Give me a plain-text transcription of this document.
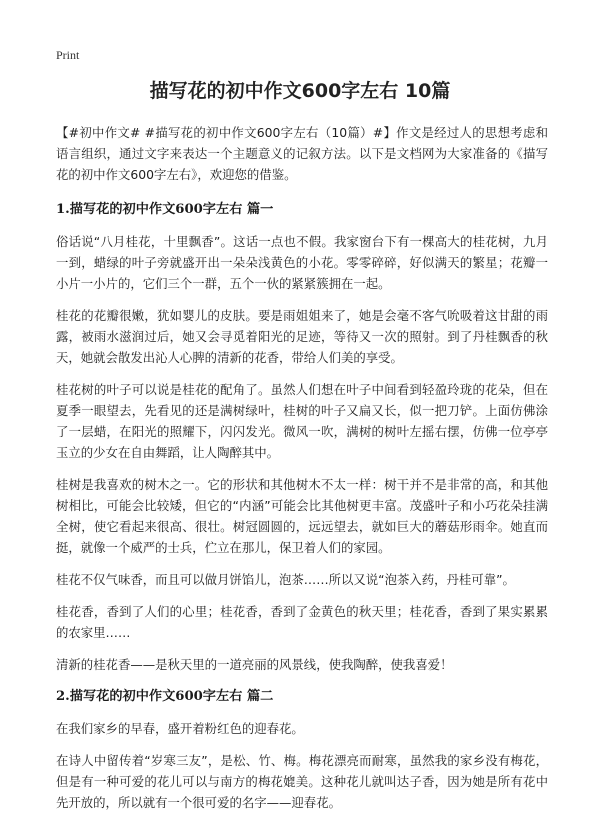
Print
描写花的初中作文600字左右 10篇

【#初中作文# #描写花的初中作文600字左右（10篇）#】作文是经过人的思想考虑和语言组织，通过文字来表达一个主题意义的记叙方法。以下是文档网为大家准备的《描写花的初中作文600字左右》，欢迎您的借鉴。

1.描写花的初中作文600字左右 篇一

俗话说“八月桂花，十里飘香”。这话一点也不假。我家窗台下有一棵高大的桂花树，九月一到，蜡绿的叶子旁就盛开出一朵朵浅黄色的小花。零零碎碎，好似满天的繁星；花瓣一小片一小片的，它们三个一群，五个一伙的紧紧簇拥在一起。

桂花的花瓣很嫩，犹如婴儿的皮肤。要是雨姐姐来了，她是会毫不客气吮吸着这甘甜的雨露，被雨水滋润过后，她又会寻觅着阳光的足迹，等待又一次的照射。到了丹桂飘香的秋天，她就会散发出沁人心脾的清新的花香，带给人们美的享受。

桂花树的叶子可以说是桂花的配角了。虽然人们想在叶子中间看到轻盈玲珑的花朵，但在夏季一眼望去，先看见的还是满树绿叶，桂树的叶子又扁又长，似一把刀铲。上面仿佛涂了一层蜡，在阳光的照耀下，闪闪发光。微风一吹，满树的树叶左摇右摆，仿佛一位亭亭玉立的少女在自由舞蹈，让人陶醉其中。

桂树是我喜欢的树木之一。它的形状和其他树木不太一样：树干并不是非常的高，和其他树相比，可能会比较矮，但它的“内涵”可能会比其他树更丰富。茂盛叶子和小巧花朵挂满全树，使它看起来很高、很壮。树冠圆圆的，远远望去，就如巨大的蘑菇形雨伞。她直而挺，就像一个威严的士兵，伫立在那儿，保卫着人们的家园。

桂花不仅气味香，而且可以做月饼馅儿，泡茶……所以又说“泡茶入药，丹桂可靠”。

桂花香，香到了人们的心里；桂花香，香到了金黄色的秋天里；桂花香，香到了果实累累的农家里……

清新的桂花香——是秋天里的一道亮丽的风景线，使我陶醉，使我喜爱！

2.描写花的初中作文600字左右 篇二

在我们家乡的早春，盛开着粉红色的迎春花。

在诗人中留传着“岁寒三友”，是松、竹、梅。梅花漂亮而耐寒，虽然我的家乡没有梅花，但是有一种可爱的花儿可以与南方的梅花媲美。这种花儿就叫达子香，因为她是所有花中先开放的，所以就有一个很可爱的名字——迎春花。
